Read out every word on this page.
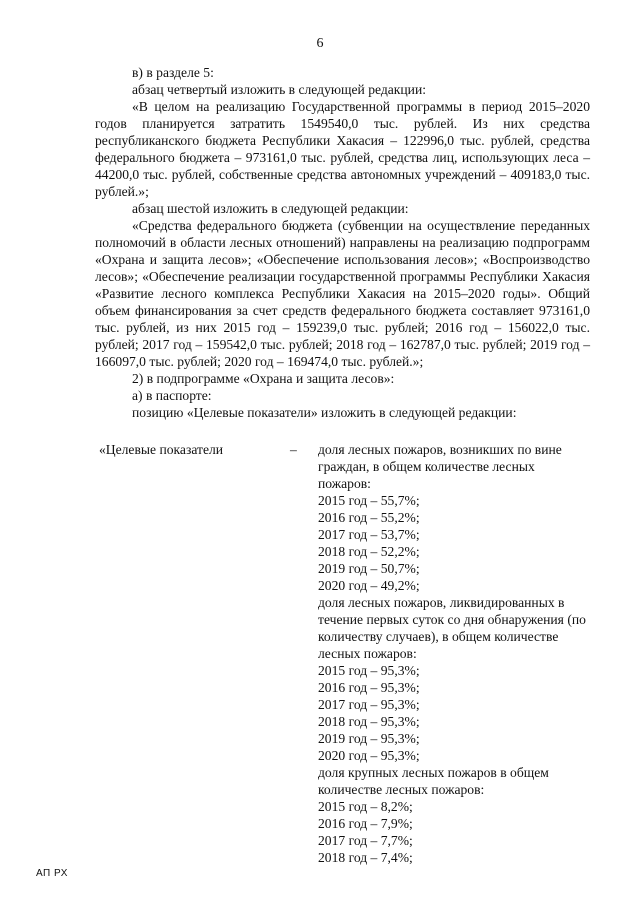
6

в) в разделе 5:

абзац четвертый изложить в следующей редакции:

«В целом на реализацию Государственной программы в период 2015–2020 годов планируется затратить 1549540,0 тыс. рублей. Из них средства республиканского бюджета Республики Хакасия – 122996,0 тыс. рублей, средства федерального бюджета – 973161,0 тыс. рублей, средства лиц, использующих леса – 44200,0 тыс. рублей, собственные средства автономных учреждений – 409183,0 тыс. рублей.»;

абзац шестой изложить в следующей редакции:

«Средства федерального бюджета (субвенции на осуществление переданных полномочий в области лесных отношений) направлены на реализацию подпрограмм «Охрана и защита лесов»; «Обеспечение использования лесов»; «Воспроизводство лесов»; «Обеспечение реализации государственной программы Республики Хакасия «Развитие лесного комплекса Республики Хакасия на 2015–2020 годы». Общий объем финансирования за счет средств федерального бюджета составляет 973161,0 тыс. рублей, из них 2015 год – 159239,0 тыс. рублей; 2016 год – 156022,0 тыс. рублей; 2017 год – 159542,0 тыс. рублей; 2018 год – 162787,0 тыс. рублей; 2019 год – 166097,0 тыс. рублей; 2020 год – 169474,0 тыс. рублей.»;

2) в подпрограмме «Охрана и защита лесов»:

а) в паспорте:

позицию «Целевые показатели» изложить в следующей редакции:

«Целевые показатели	–	доля лесных пожаров, возникших по вине граждан, в общем количестве лесных пожаров:
2015 год – 55,7%;
2016 год – 55,2%;
2017 год – 53,7%;
2018 год – 52,2%;
2019 год – 50,7%;
2020 год – 49,2%;
доля лесных пожаров, ликвидированных в течение первых суток со дня обнаружения (по количеству случаев), в общем количестве лесных пожаров:
2015 год – 95,3%;
2016 год – 95,3%;
2017 год – 95,3%;
2018 год – 95,3%;
2019 год – 95,3%;
2020 год – 95,3%;
доля крупных лесных пожаров в общем количестве лесных пожаров:
2015 год – 8,2%;
2016 год – 7,9%;
2017 год – 7,7%;
2018 год – 7,4%;
АП РХ
